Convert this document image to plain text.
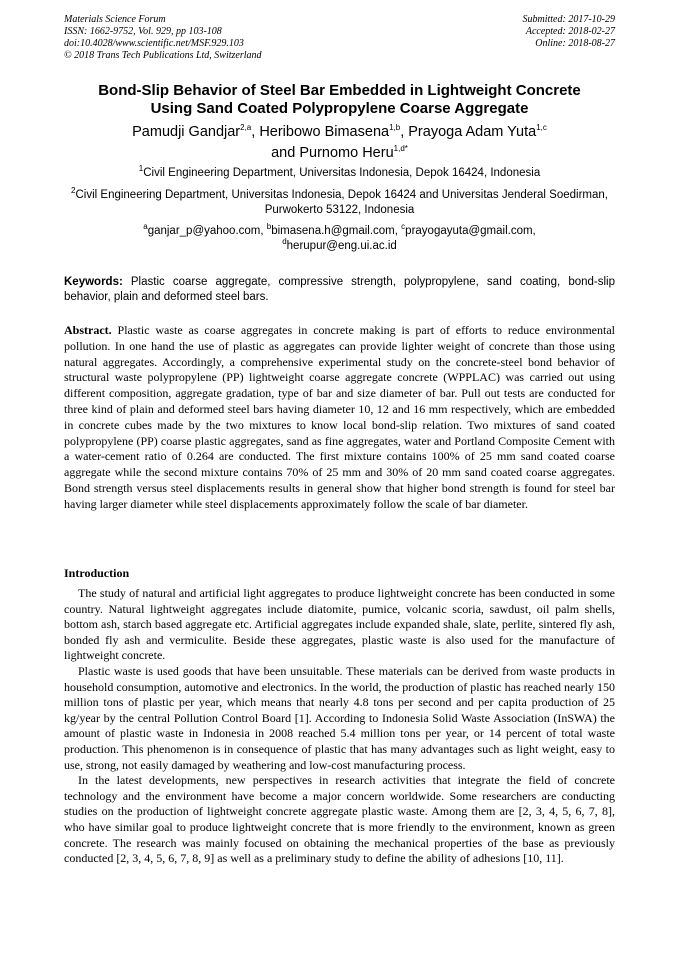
Materials Science Forum
ISSN: 1662-9752, Vol. 929, pp 103-108
doi:10.4028/www.scientific.net/MSF.929.103
© 2018 Trans Tech Publications Ltd, Switzerland
Submitted: 2017-10-29
Accepted: 2018-02-27
Online: 2018-08-27
Bond-Slip Behavior of Steel Bar Embedded in Lightweight Concrete
Using Sand Coated Polypropylene Coarse Aggregate
Pamudji Gandjar$^{2,a}$, Heribowo Bimasena$^{1,b}$, Prayoga Adam Yuta$^{1,c}$
and Purnomo Heru$^{1,d*}$
$^1$Civil Engineering Department, Universitas Indonesia, Depok 16424, Indonesia
$^2$Civil Engineering Department, Universitas Indonesia, Depok 16424 and Universitas Jenderal Soedirman, Purwokerto 53122, Indonesia
$^a$ganjar_p@yahoo.com, $^b$bimasena.h@gmail.com, $^c$prayogayuta@gmail.com,
$^d$herupur@eng.ui.ac.id
Keywords: Plastic coarse aggregate, compressive strength, polypropylene, sand coating, bond-slip behavior, plain and deformed steel bars.
Abstract. Plastic waste as coarse aggregates in concrete making is part of efforts to reduce environmental pollution. In one hand the use of plastic as aggregates can provide lighter weight of concrete than those using natural aggregates. Accordingly, a comprehensive experimental study on the concrete-steel bond behavior of structural waste polypropylene (PP) lightweight coarse aggregate concrete (WPPLAC) was carried out using different composition, aggregate gradation, type of bar and size diameter of bar. Pull out tests are conducted for three kind of plain and deformed steel bars having diameter 10, 12 and 16 mm respectively, which are embedded in concrete cubes made by the two mixtures to know local bond-slip relation. Two mixtures of sand coated polypropylene (PP) coarse plastic aggregates, sand as fine aggregates, water and Portland Composite Cement with a water-cement ratio of 0.264 are conducted. The first mixture contains 100% of 25 mm sand coated coarse aggregate while the second mixture contains 70% of 25 mm and 30% of 20 mm sand coated coarse aggregates. Bond strength versus steel displacements results in general show that higher bond strength is found for steel bar having larger diameter while steel displacements approximately follow the scale of bar diameter.
Introduction

The study of natural and artificial light aggregates to produce lightweight concrete has been conducted in some country. Natural lightweight aggregates include diatomite, pumice, volcanic scoria, sawdust, oil palm shells, bottom ash, starch based aggregate etc. Artificial aggregates include expanded shale, slate, perlite, sintered fly ash, bonded fly ash and vermiculite. Beside these aggregates, plastic waste is also used for the manufacture of lightweight concrete.

Plastic waste is used goods that have been unsuitable. These materials can be derived from waste products in household consumption, automotive and electronics. In the world, the production of plastic has reached nearly 150 million tons of plastic per year, which means that nearly 4.8 tons per second and per capita production of 25 kg/year by the central Pollution Control Board [1]. According to Indonesia Solid Waste Association (InSWA) the amount of plastic waste in Indonesia in 2008 reached 5.4 million tons per year, or 14 percent of total waste production. This phenomenon is in consequence of plastic that has many advantages such as light weight, easy to use, strong, not easily damaged by weathering and low-cost manufacturing process.

In the latest developments, new perspectives in research activities that integrate the field of concrete technology and the environment have become a major concern worldwide. Some researchers are conducting studies on the production of lightweight concrete aggregate plastic waste. Among them are [2, 3, 4, 5, 6, 7, 8], who have similar goal to produce lightweight concrete that is more friendly to the environment, known as green concrete. The research was mainly focused on obtaining the mechanical properties of the base as previously conducted [2, 3, 4, 5, 6, 7, 8, 9] as well as a preliminary study to define the ability of adhesions [10, 11].
